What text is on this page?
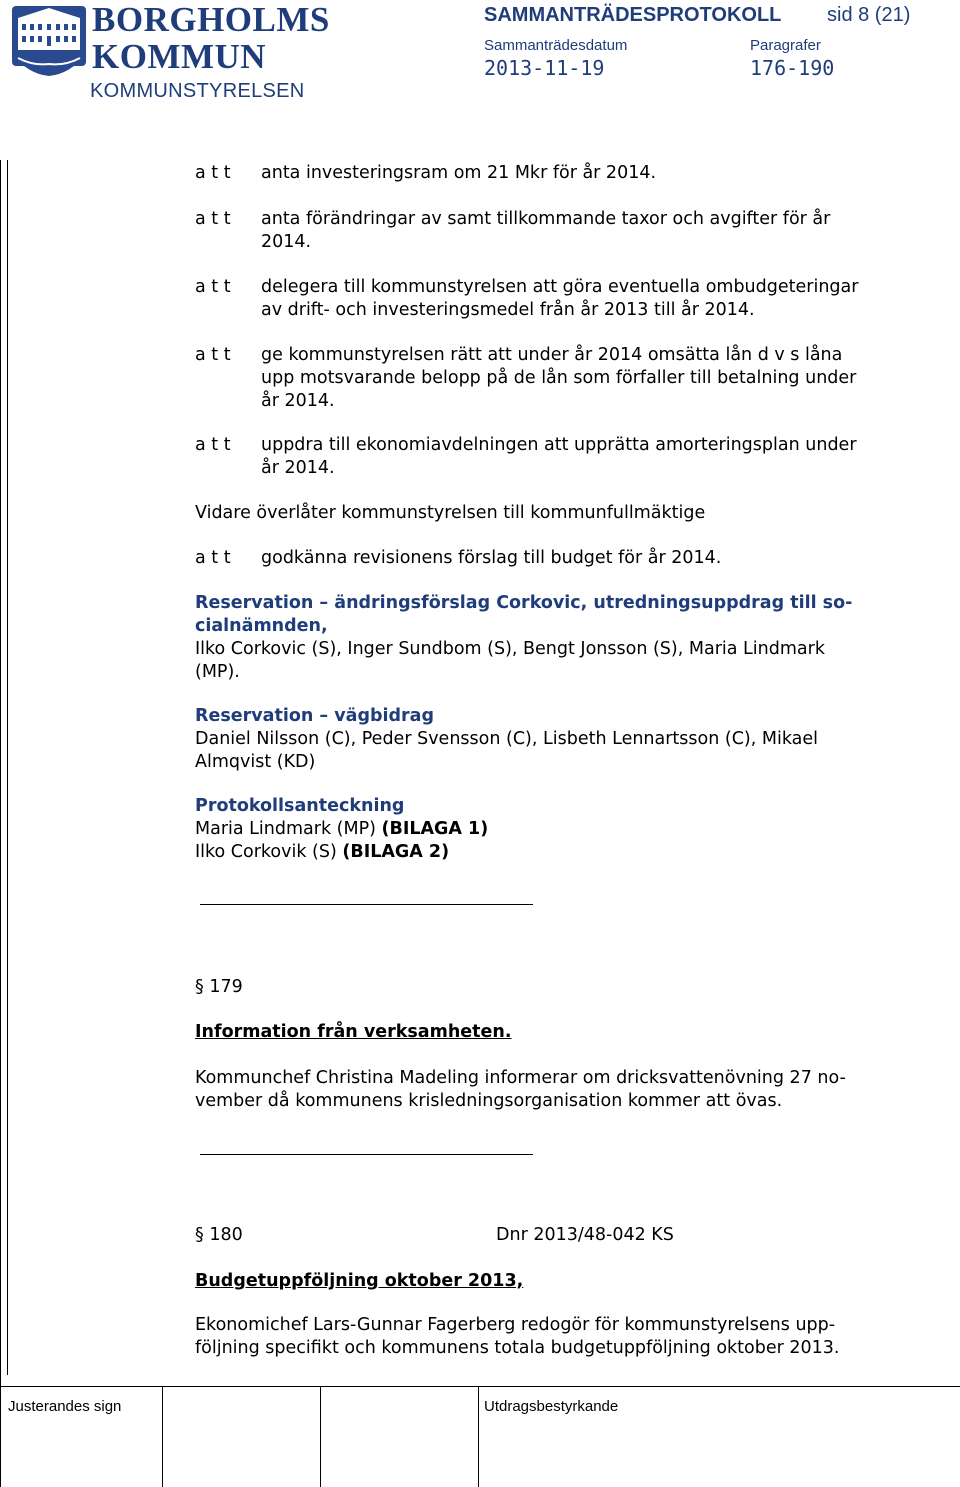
BORGHOLMS
KOMMUN
KOMMUNSTYRELSEN
SAMMANTRÄDESPROTOKOLL sid 8 (21)
Sammanträdesdatum	Paragrafer
2013-11-19	176-190
a t t anta investeringsram om 21 Mkr för år 2014.
a t t anta förändringar av samt tillkommande taxor och avgifter för år
2014.
a t t delegera till kommunstyrelsen att göra eventuella ombudgeteringar
av drift- och investeringsmedel från år 2013 till år 2014.
a t t ge kommunstyrelsen rätt att under år 2014 omsätta lån d v s låna
upp motsvarande belopp på de lån som förfaller till betalning under
år 2014.
a t t uppdra till ekonomiavdelningen att upprätta amorteringsplan under
år 2014.
Vidare överlåter kommunstyrelsen till kommunfullmäktige
a t t godkänna revisionens förslag till budget för år 2014.
Reservation – ändringsförslag Corkovic, utredningsuppdrag till so-
cialnämnden,
Ilko Corkovic (S), Inger Sundbom (S), Bengt Jonsson (S), Maria Lindmark
(MP).
Reservation – vägbidrag
Daniel Nilsson (C), Peder Svensson (C), Lisbeth Lennartsson (C), Mikael
Almqvist (KD)
Protokollsanteckning
Maria Lindmark (MP) (BILAGA 1)
Ilko Corkovik (S) (BILAGA 2)
§ 179
Information från verksamheten.
Kommunchef Christina Madeling informerar om dricksvattenövning 27 no-
vember då kommunens krisledningsorganisation kommer att övas.
§ 180	Dnr 2013/48-042 KS
Budgetuppföljning oktober 2013,
Ekonomichef Lars-Gunnar Fagerberg redogör för kommunstyrelsens upp-
följning specifikt och kommunens totala budgetuppföljning oktober 2013.
Justerandes sign	Utdragsbestyrkande
